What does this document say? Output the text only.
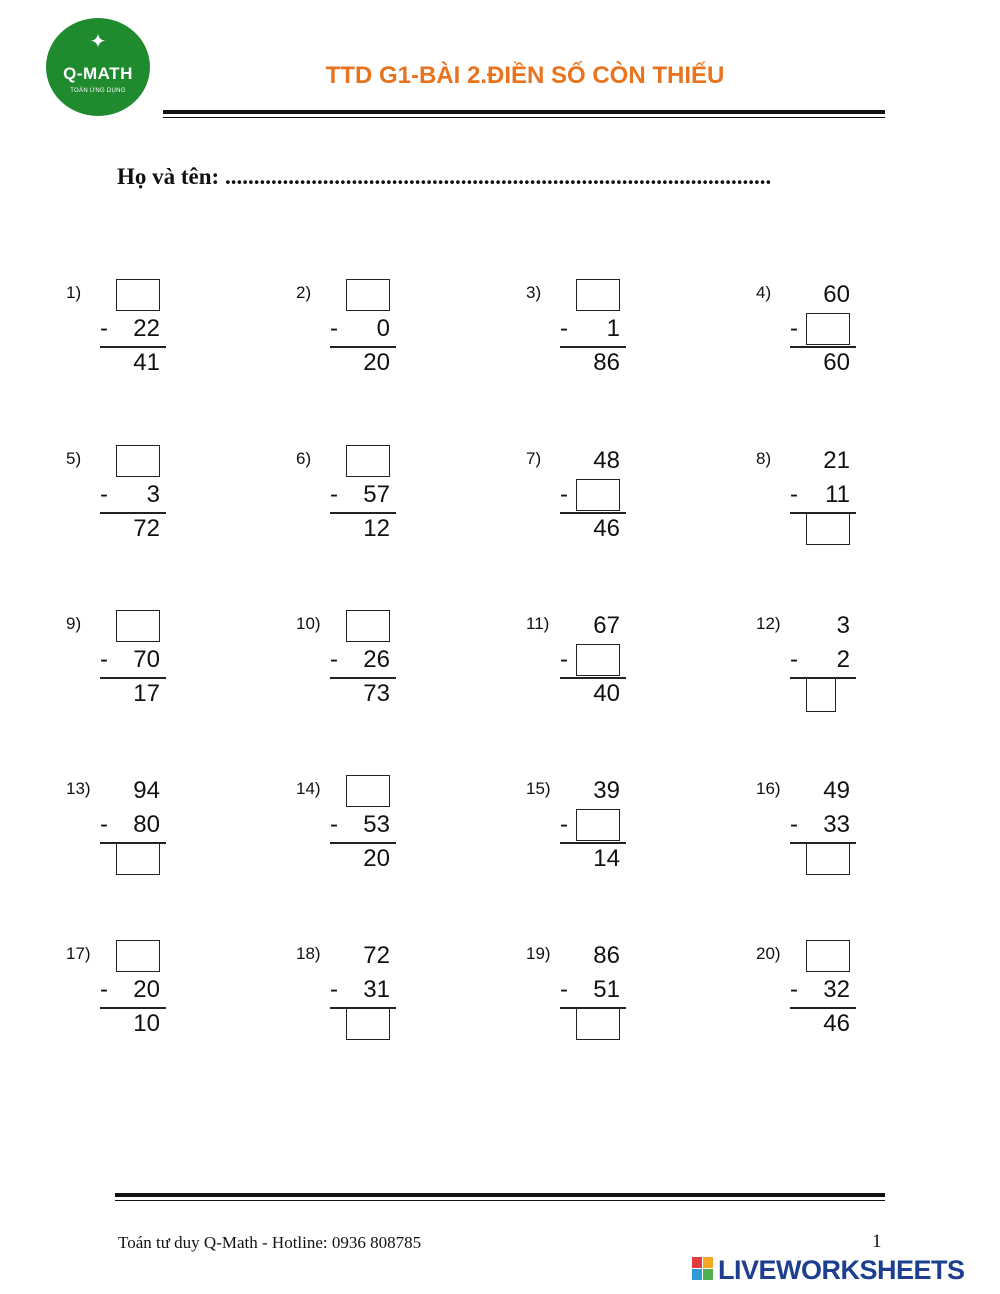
✦
Q-MATH
TOÁN ỨNG DỤNG
TTD G1-BÀI 2.ĐIỀN SỐ CÒN THIẾU
Họ và tên: ...............................................................................................
1)
- 22
41
2)
- 0
20
3)
- 1
86
4) 60
-
60
5)
- 3
72
6)
- 57
12
7) 48
-
46
8) 21
- 11
9)
- 70
17
10)
- 26
73
11) 67
-
40
12) 3
- 2
13) 94
- 80
14)
- 53
20
15) 39
-
14
16) 49
- 33
17)
- 20
10
18) 72
- 31
19) 86
- 51
20)
- 32
46
Toán tư duy Q-Math - Hotline: 0936 808785	1
LIVEWORKSHEETS
